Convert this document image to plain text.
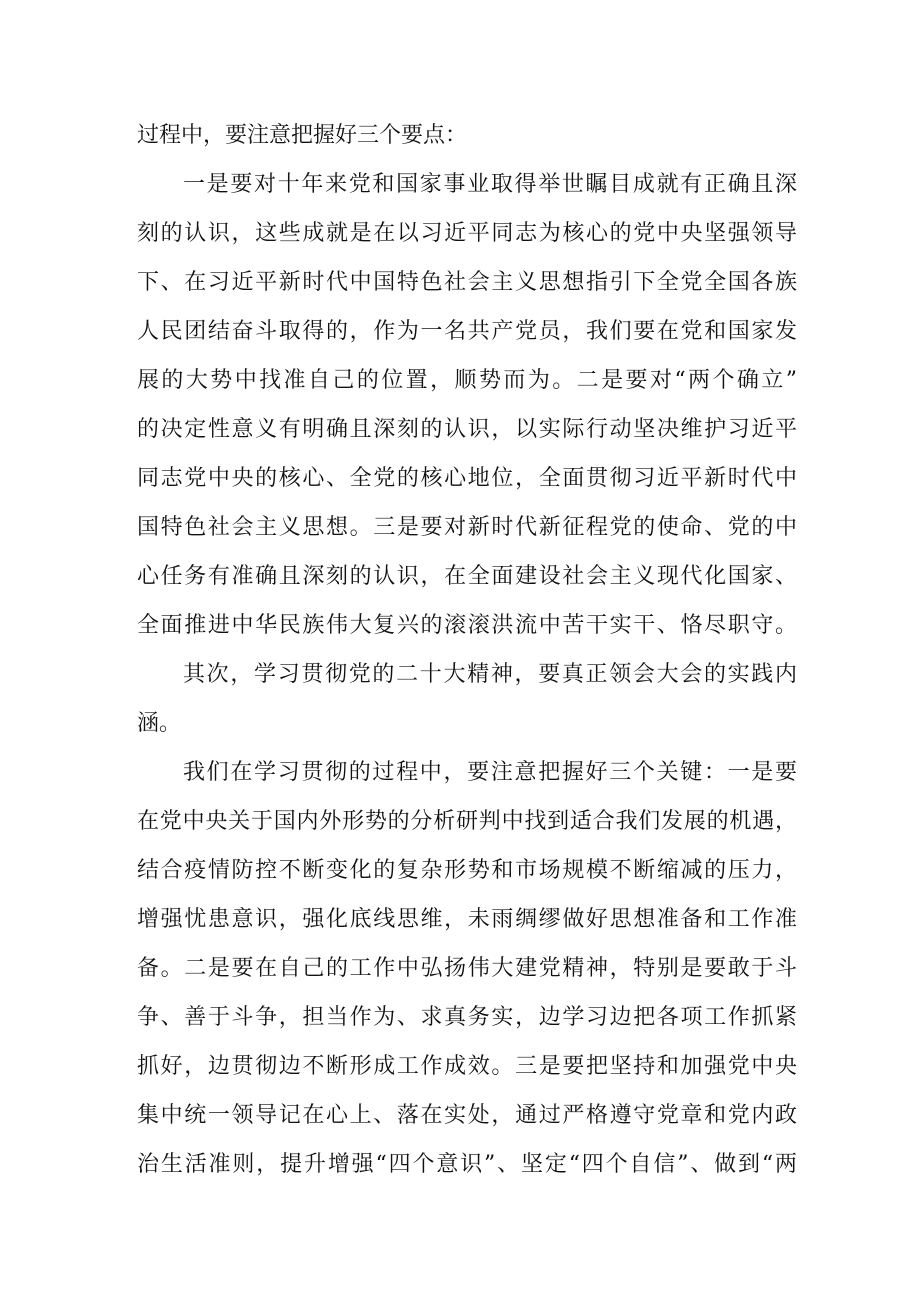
过程中，要注意把握好三个要点：

一是要对十年来党和国家事业取得举世瞩目成就有正确且深

刻的认识，这些成就是在以习近平同志为核心的党中央坚强领导

下、在习近平新时代中国特色社会主义思想指引下全党全国各族

人民团结奋斗取得的，作为一名共产党员，我们要在党和国家发

展的大势中找准自己的位置，顺势而为。二是要对“两个确立”

的决定性意义有明确且深刻的认识，以实际行动坚决维护习近平

同志党中央的核心、全党的核心地位，全面贯彻习近平新时代中

国特色社会主义思想。三是要对新时代新征程党的使命、党的中

心任务有准确且深刻的认识，在全面建设社会主义现代化国家、

全面推进中华民族伟大复兴的滚滚洪流中苦干实干、恪尽职守。

其次，学习贯彻党的二十大精神，要真正领会大会的实践内

涵。

我们在学习贯彻的过程中，要注意把握好三个关键：一是要

在党中央关于国内外形势的分析研判中找到适合我们发展的机遇，

结合疫情防控不断变化的复杂形势和市场规模不断缩减的压力，

增强忧患意识，强化底线思维，未雨绸缪做好思想准备和工作准

备。二是要在自己的工作中弘扬伟大建党精神，特别是要敢于斗

争、善于斗争，担当作为、求真务实，边学习边把各项工作抓紧

抓好，边贯彻边不断形成工作成效。三是要把坚持和加强党中央

集中统一领导记在心上、落在实处，通过严格遵守党章和党内政

治生活准则，提升增强“四个意识”、坚定“四个自信”、做到“两
